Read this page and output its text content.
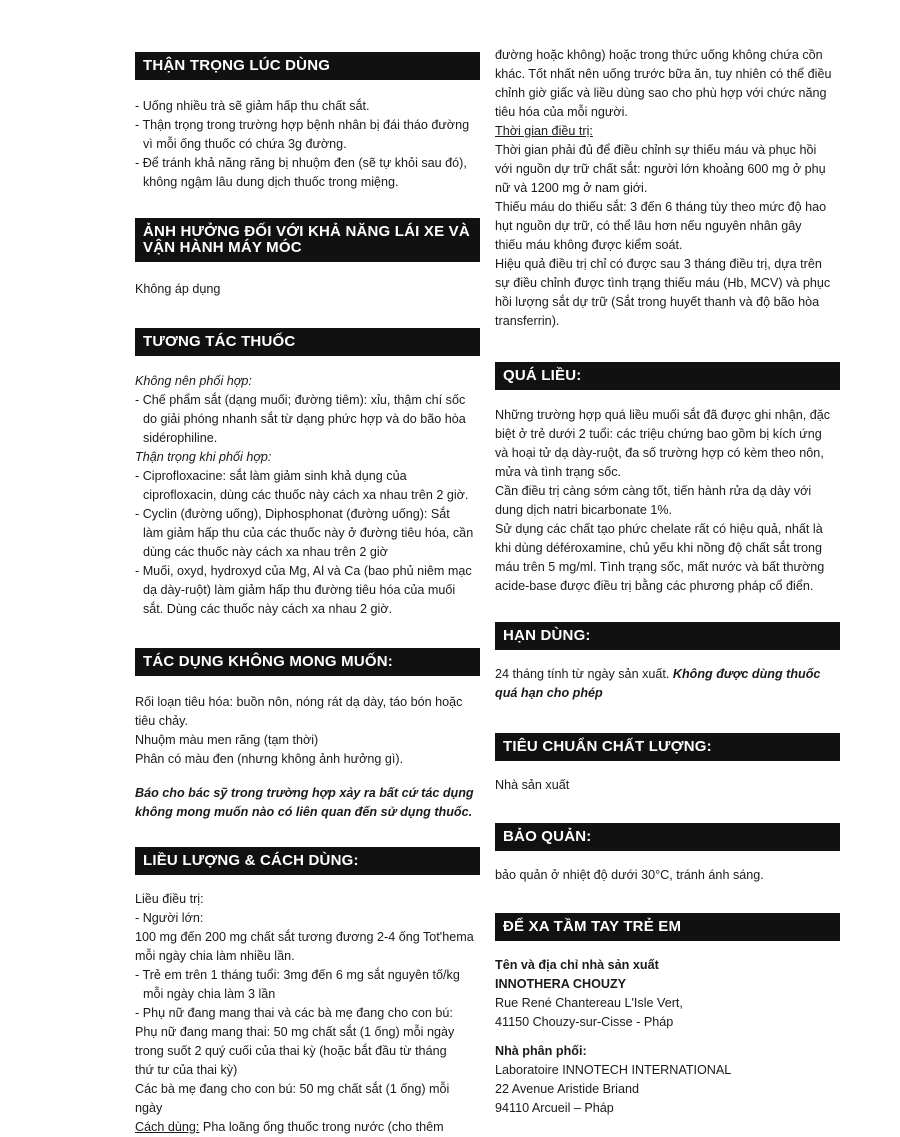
THẬN TRỌNG LÚC DÙNG

- Uống nhiều trà sẽ giảm hấp thu chất sắt.

- Thận trọng trong trường hợp bệnh nhân bị đái tháo đường

vì mỗi ống thuốc có chứa 3g đường.

- Để tránh khả năng răng bị nhuộm đen (sẽ tự khỏi sau đó),

không ngậm lâu dung dịch thuốc trong miệng.

ẢNH HƯỞNG ĐỐI VỚI KHẢ NĂNG LÁI XE VÀ
VẬN HÀNH MÁY MÓC

Không áp dụng

TƯƠNG TÁC THUỐC

Không nên phối hợp:

- Chế phẩm sắt (dạng muối; đường tiêm): xỉu, thậm chí sốc

do giải phóng nhanh sắt từ dạng phức hợp và do bão hòa

sidérophiline.

Thận trọng khi phối hợp:

- Ciprofloxacine: sắt làm giảm sinh khả dụng của

ciprofloxacin, dùng các thuốc này cách xa nhau trên 2 giờ.

- Cyclin (đường uống), Diphosphonat (đường uống): Sắt

làm giảm hấp thu của các thuốc này ở đường tiêu hóa, cần

dùng các thuốc này cách xa nhau trên 2 giờ

- Muối, oxyd, hydroxyd của Mg, Al và Ca (bao phủ niêm mạc

dạ dày-ruột) làm giảm hấp thu đường tiêu hóa của muối

sắt. Dùng các thuốc này cách xa nhau 2 giờ.

TÁC DỤNG KHÔNG MONG MUỐN:

Rối loạn tiêu hóa: buồn nôn, nóng rát dạ dày, táo bón hoặc

tiêu chảy.

Nhuộm màu men răng (tạm thời)

Phân có màu đen (nhưng không ảnh hưởng gì).

Báo cho bác sỹ trong trường hợp xảy ra bất cứ tác dụng

không mong muốn nào có liên quan đến sử dụng thuốc.

LIỀU LƯỢNG & CÁCH DÙNG:

Liều điều trị:

- Người lớn:

100 mg đến 200 mg chất sắt tương đương 2-4 ống Tot'hema

mỗi ngày chia làm nhiều lần.

- Trẻ em trên 1 tháng tuổi: 3mg đến 6 mg sắt nguyên tố/kg

mỗi ngày chia làm 3 lần

- Phụ nữ đang mang thai và các bà mẹ đang cho con bú:

Phụ nữ đang mang thai: 50 mg chất sắt (1 ống) mỗi ngày

trong suốt 2 quý cuối của thai kỳ (hoặc bắt đầu từ tháng

thứ tư của thai kỳ)

Các bà mẹ đang cho con bú: 50 mg chất sắt (1 ống) mỗi ngày

Cách dùng: Pha loãng ống thuốc trong nước (cho thêm

đường hoặc không) hoặc trong thức uống không chứa cồn

khác. Tốt nhất nên uống trước bữa ăn, tuy nhiên có thể điều

chỉnh giờ giấc và liều dùng sao cho phù hợp với chức năng

tiêu hóa của mỗi người.

Thời gian điều trị:

Thời gian phải đủ để điều chỉnh sự thiếu máu và phục hồi

với nguồn dự trữ chất sắt: người lớn khoảng 600 mg ở phụ

nữ và 1200 mg ở nam giới.

Thiếu máu do thiếu sắt: 3 đến 6 tháng tùy theo mức độ hao

hụt nguồn dự trữ, có thể lâu hơn nếu nguyên nhân gây

thiếu máu không được kiểm soát.

Hiệu quả điều trị chỉ có được sau 3 tháng điều trị, dựa trên

sự điều chỉnh được tình trạng thiếu máu (Hb, MCV) và phục

hồi lượng sắt dự trữ (Sắt trong huyết thanh và độ bão hòa

transferrin).

QUÁ LIỀU:

Những trường hợp quá liều muối sắt đã được ghi nhận, đặc

biệt ở trẻ dưới 2 tuổi: các triệu chứng bao gồm bị kích ứng

và hoại tử dạ dày-ruột, đa số trường hợp có kèm theo nôn,

mửa và tình trạng sốc.

Cần điều trị càng sớm càng tốt, tiến hành rửa dạ dày với

dung dịch natri bicarbonate 1%.

Sử dụng các chất tạo phức chelate rất có hiệu quả, nhất là

khi dùng déféroxamine, chủ yếu khi nồng độ chất sắt trong

máu trên 5 mg/ml. Tình trạng sốc, mất nước và bất thường

acide-base được điều trị bằng các phương pháp cổ điển.

HẠN DÙNG:

24 tháng tính từ ngày sản xuất. Không được dùng thuốc

quá hạn cho phép

TIÊU CHUẨN CHẤT LƯỢNG:

Nhà sản xuất

BẢO QUẢN:

bảo quản ở nhiệt độ dưới 30°C, tránh ánh sáng.

ĐỂ XA TẦM TAY TRẺ EM

Tên và địa chỉ nhà sản xuất

INNOTHERA CHOUZY

Rue René Chantereau L'Isle Vert,

41150 Chouzy-sur-Cisse - Pháp

Nhà phân phối:

Laboratoire INNOTECH INTERNATIONAL

22 Avenue Aristide Briand

94110 Arcueil – Pháp
